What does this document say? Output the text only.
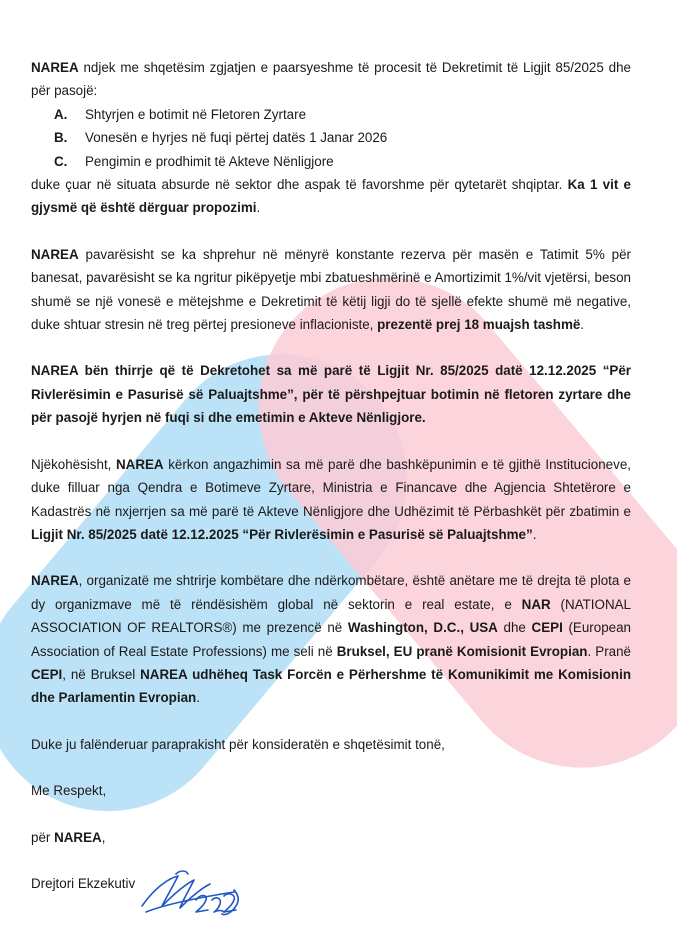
NAREA ndjek me shqetësim zgjatjen e paarsyeshme të procesit të Dekretimit të Ligjit 85/2025 dhe për pasojë:

A. Shtyrjen e botimit në Fletoren Zyrtare
B. Vonesën e hyrjes në fuqi përtej datës 1 Janar 2026
C. Pengimin e prodhimit të Akteve Nënligjore

duke çuar në situata absurde në sektor dhe aspak të favorshme për qytetarët shqiptar. Ka 1 vit e gjysmë që është dërguar propozimi.

NAREA pavarësisht se ka shprehur në mënyrë konstante rezerva për masën e Tatimit 5% për banesat, pavarësisht se ka ngritur pikëpyetje mbi zbatueshmërinë e Amortizimit 1%/vit vjetërsi, beson shumë se një vonesë e mëtejshme e Dekretimit të këtij ligji do të sjellë efekte shumë më negative, duke shtuar stresin në treg përtej presioneve inflacioniste, prezentë prej 18 muajsh tashmë.

NAREA bën thirrje që të Dekretohet sa më parë të Ligjit Nr. 85/2025 datë 12.12.2025 “Për Rivlerësimin e Pasurisë së Paluajtshme”, për të përshpejtuar botimin në fletoren zyrtare dhe për pasojë hyrjen në fuqi si dhe emetimin e Akteve Nënligjore.

Njëkohësisht, NAREA kërkon angazhimin sa më parë dhe bashkëpunimin e të gjithë Institucioneve, duke filluar nga Qendra e Botimeve Zyrtare, Ministria e Financave dhe Agjencia Shtetërore e Kadastrës në nxjerrjen sa më parë të Akteve Nënligjore dhe Udhëzimit të Përbashkët për zbatimin e Ligjit Nr. 85/2025 datë 12.12.2025 “Për Rivlerësimin e Pasurisë së Paluajtshme”.

NAREA, organizatë me shtrirje kombëtare dhe ndërkombëtare, është anëtare me të drejta të plota e dy organizmave më të rëndësishëm global në sektorin e real estate, e NAR (NATIONAL ASSOCIATION OF REALTORS®) me prezencë në Washington, D.C., USA dhe CEPI (European Association of Real Estate Professions) me seli në Bruksel, EU pranë Komisionit Evropian. Pranë CEPI, në Bruksel NAREA udhëheq Task Forcën e Përhershme të Komunikimit me Komisionin dhe Parlamentin Evropian.

Duke ju falënderuar paraprakisht për konsideratën e shqetësimit tonë,

Me Respekt,

për NAREA,

Drejtori Ekzekutiv
